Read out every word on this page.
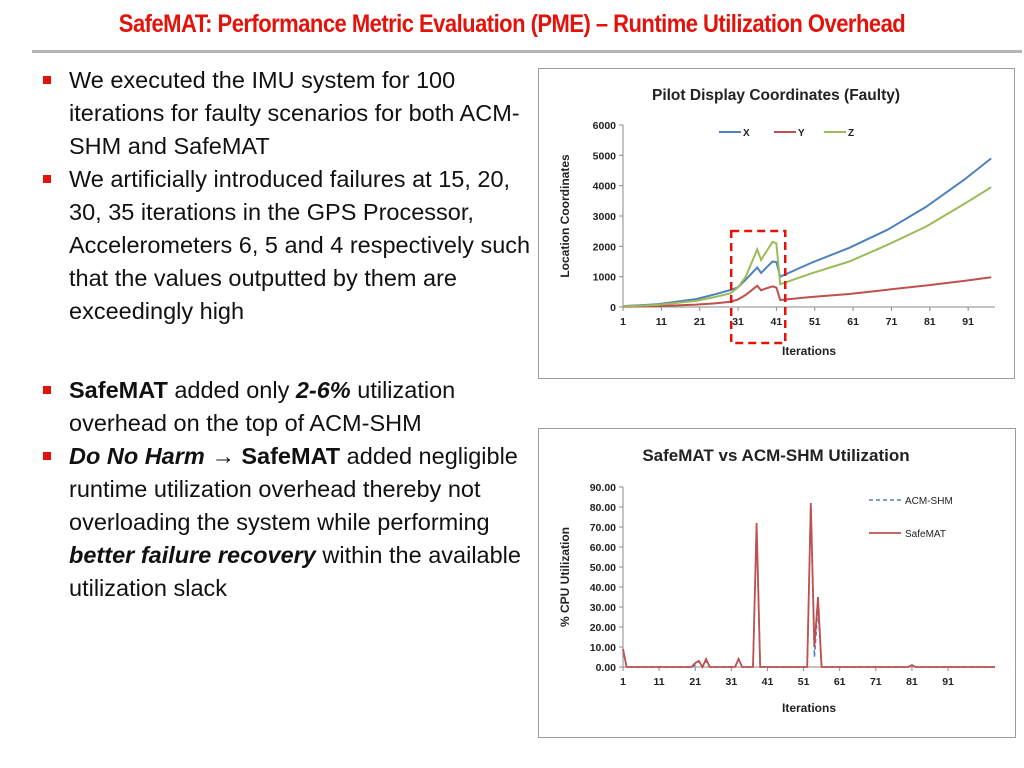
SafeMAT: Performance Metric Evaluation (PME) – Runtime Utilization Overhead
We executed the IMU system for 100 iterations for faulty scenarios for both ACM-SHM and SafeMAT
We artificially introduced failures at 15, 20, 30, 35 iterations in the GPS Processor, Accelerometers 6, 5 and 4 respectively such that the values outputted by them are exceedingly high
SafeMAT added only 2-6% utilization overhead on the top of ACM-SHM
Do No Harm → SafeMAT added negligible runtime utilization overhead thereby not overloading the system while performing better failure recovery within the available utilization slack
Pilot Display Coordinates (Faulty)
0
1000
2000
3000
4000
5000
6000
1	11	21	31	41	51	61	71	81	91
Iterations
Location Coordinates
X	Y	Z
SafeMAT vs ACM-SHM Utilization
0.00
10.00
20.00
30.00
40.00
50.00
60.00
70.00
80.00
90.00
1	11 21 31 41 51 61 71 81 91
Iterations
% CPU Utilization
ACM-SHM
SafeMAT
